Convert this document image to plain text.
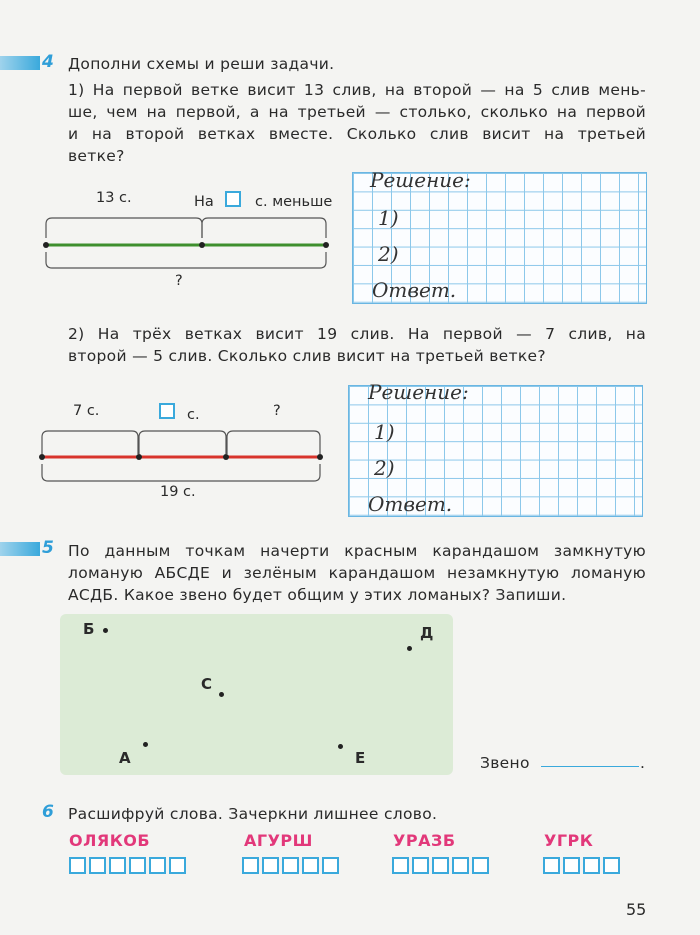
4 Дополни схемы и реши задачи.
1) На первой ветке висит 13 слив, на второй — на 5 слив мень-
ше, чем на первой, а на третьей — столько, сколько на первой
и на второй ветках вместе. Сколько слив висит на третьей
ветке?
13 с.	На	с. меньше
?
Решение:
1)
2)
Ответ.
2) На трёх ветках висит 19 слив. На первой — 7 слив, на
второй — 5 слив. Сколько слив висит на третьей ветке?
7 с.	с.	?
19 с.
Решение:
1)
2)
Ответ.
5 По данным точкам начерти красным карандашом замкнутую
ломаную АБСДЕ и зелёным карандашом незамкнутую ломаную
АСДБ. Какое звено будет общим у этих ломаных? Запиши.
Б	Д
С
А	Е	Звено	.
6 Расшифруй слова. Зачеркни лишнее слово.
ОЛЯКОБ	АГУРШ	УРАЗБ	УГРК
55
